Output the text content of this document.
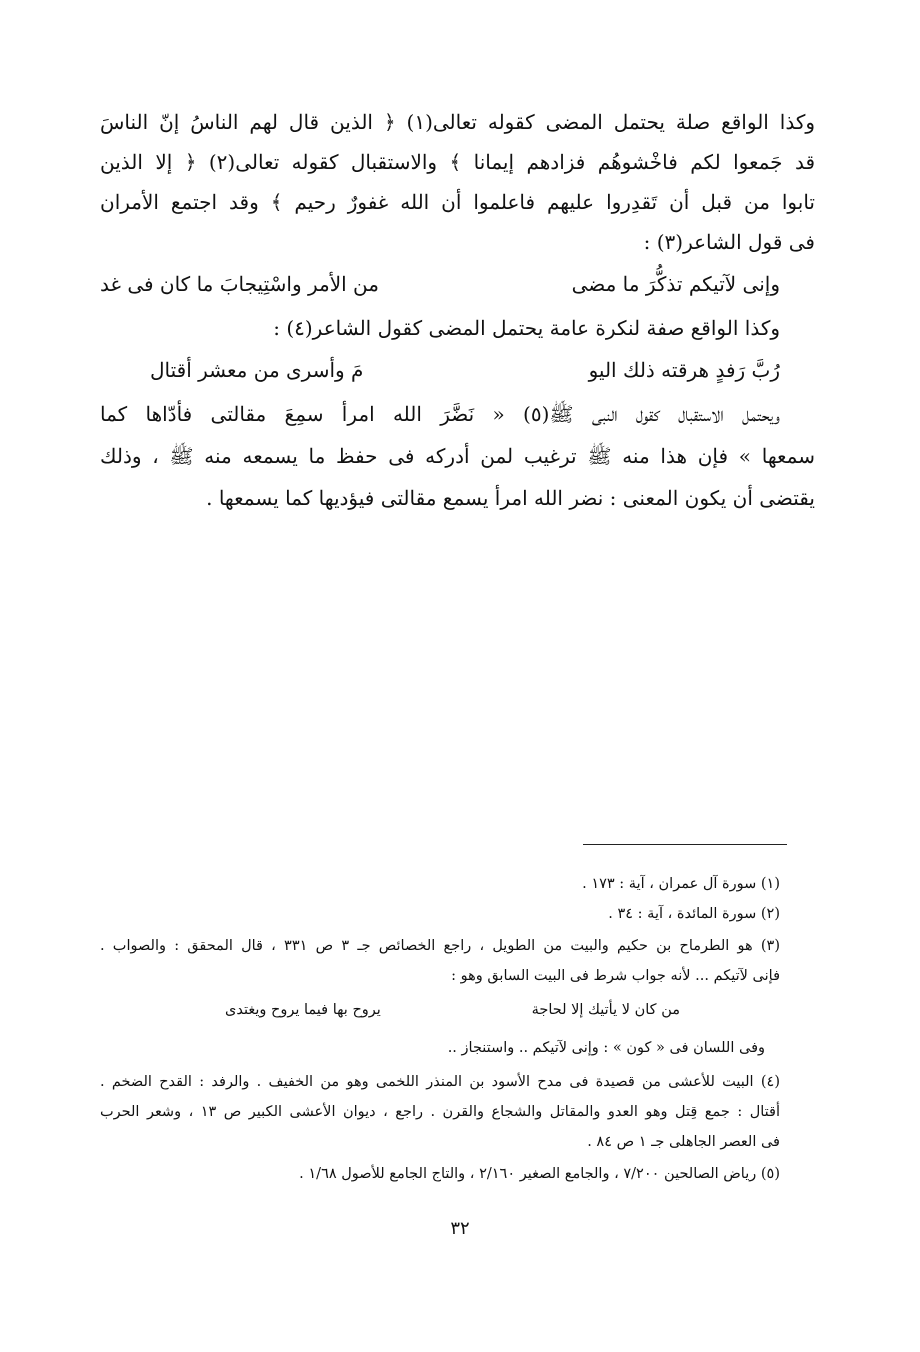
وكذا الواقع صلة يحتمل المضى كقوله تعالى(١) ﴿ الذين قال لهم الناسُ إنّ الناسَ

قد جَمعوا لكم فاخْشوهُم فزادهم إيمانا ﴾ والاستقبال كقوله تعالى(٢) ﴿ إلا الذين

تابوا من قبل أن تَقدِروا عليهم فاعلموا أن الله غفورٌ رحيم ﴾ وقد اجتمع الأمران

فى قول الشاعر(٣) :

وإنى لآتيكم تذكُّرَ ما مضى
من الأمر واسْتِيجابَ ما كان فى غد

وكذا الواقع صفة لنكرة عامة يحتمل المضى كقول الشاعر(٤) :

رُبَّ رَفدٍ هرقته ذلك اليو
مَ وأسرى من معشر أقتال

ويحتمل الاستقبال كقول النبى ﷺ(٥) « نَضَّرَ الله امرأ سمِعَ مقالتى فأدّاها كما

سمعها » فإن هذا منه ﷺ ترغيب لمن أدركه فى حفظ ما يسمعه منه ﷺ ، وذلك

يقتضى أن يكون المعنى : نضر الله امرأ يسمع مقالتى فيؤديها كما يسمعها .

(١) سورة آل عمران ، آية : ١٧٣ .

(٢) سورة المائدة ، آية : ٣٤ .

(٣) هو الطرماح بن حكيم والبيت من الطويل ، راجع الخصائص جـ ٣ ص ٣٣١ ، قال المحقق : والصواب .

فإنى لآتيكم ... لأنه جواب شرط فى البيت السابق وهو :

من كان لا يأتيك إلا لحاجة
يروح بها فيما يروح ويغتدى

وفى اللسان فى « كون » : وإنى لآتيكم .. واستنجاز ..

(٤) البيت للأعشى من قصيدة فى مدح الأسود بن المنذر اللخمى وهو من الخفيف . والرفد : القدح الضخم .

أقتال : جمع قِتل وهو العدو والمقاتل والشجاع والقرن . راجع ، ديوان الأعشى الكبير ص ١٣ ، وشعر الحرب

فى العصر الجاهلى جـ ١ ص ٨٤ .

(٥) رياض الصالحين ٧/٢٠٠ ، والجامع الصغير ٢/١٦٠ ، والتاج الجامع للأصول ١/٦٨ .

٣٢
